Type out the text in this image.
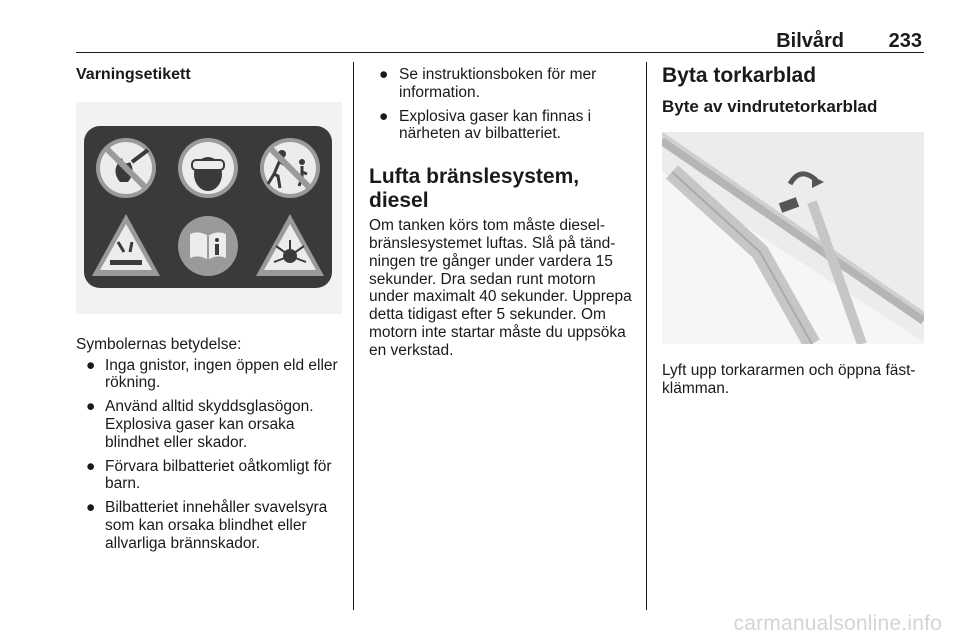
Bilvård 233

Varningsetikett

Symbolernas betydelse:

● Inga gnistor, ingen öppen eld eller rökning.
● Använd alltid skyddsglasögon. Explosiva gaser kan orsaka blindhet eller skador.
● Förvara bilbatteriet oåtkomligt för barn.
● Bilbatteriet innehåller svavelsyra som kan orsaka blindhet eller allvarliga brännskador.
● Se instruktionsboken för mer information.
● Explosiva gaser kan finnas i närheten av bilbatteriet.

Lufta bränslesystem, diesel

Om tanken körs tom måste diesel-bränslesystemet luftas. Slå på tänd-ningen tre gånger under vardera 15 sekunder. Dra sedan runt motorn under maximalt 40 sekunder. Upprepa detta tidigast efter 5 sekunder. Om motorn inte startar måste du uppsöka en verkstad.

Byta torkarblad

Byte av vindrutetorkarblad

Lyft upp torkararmen och öppna fäst-klämman.

carmanualsonline.info
